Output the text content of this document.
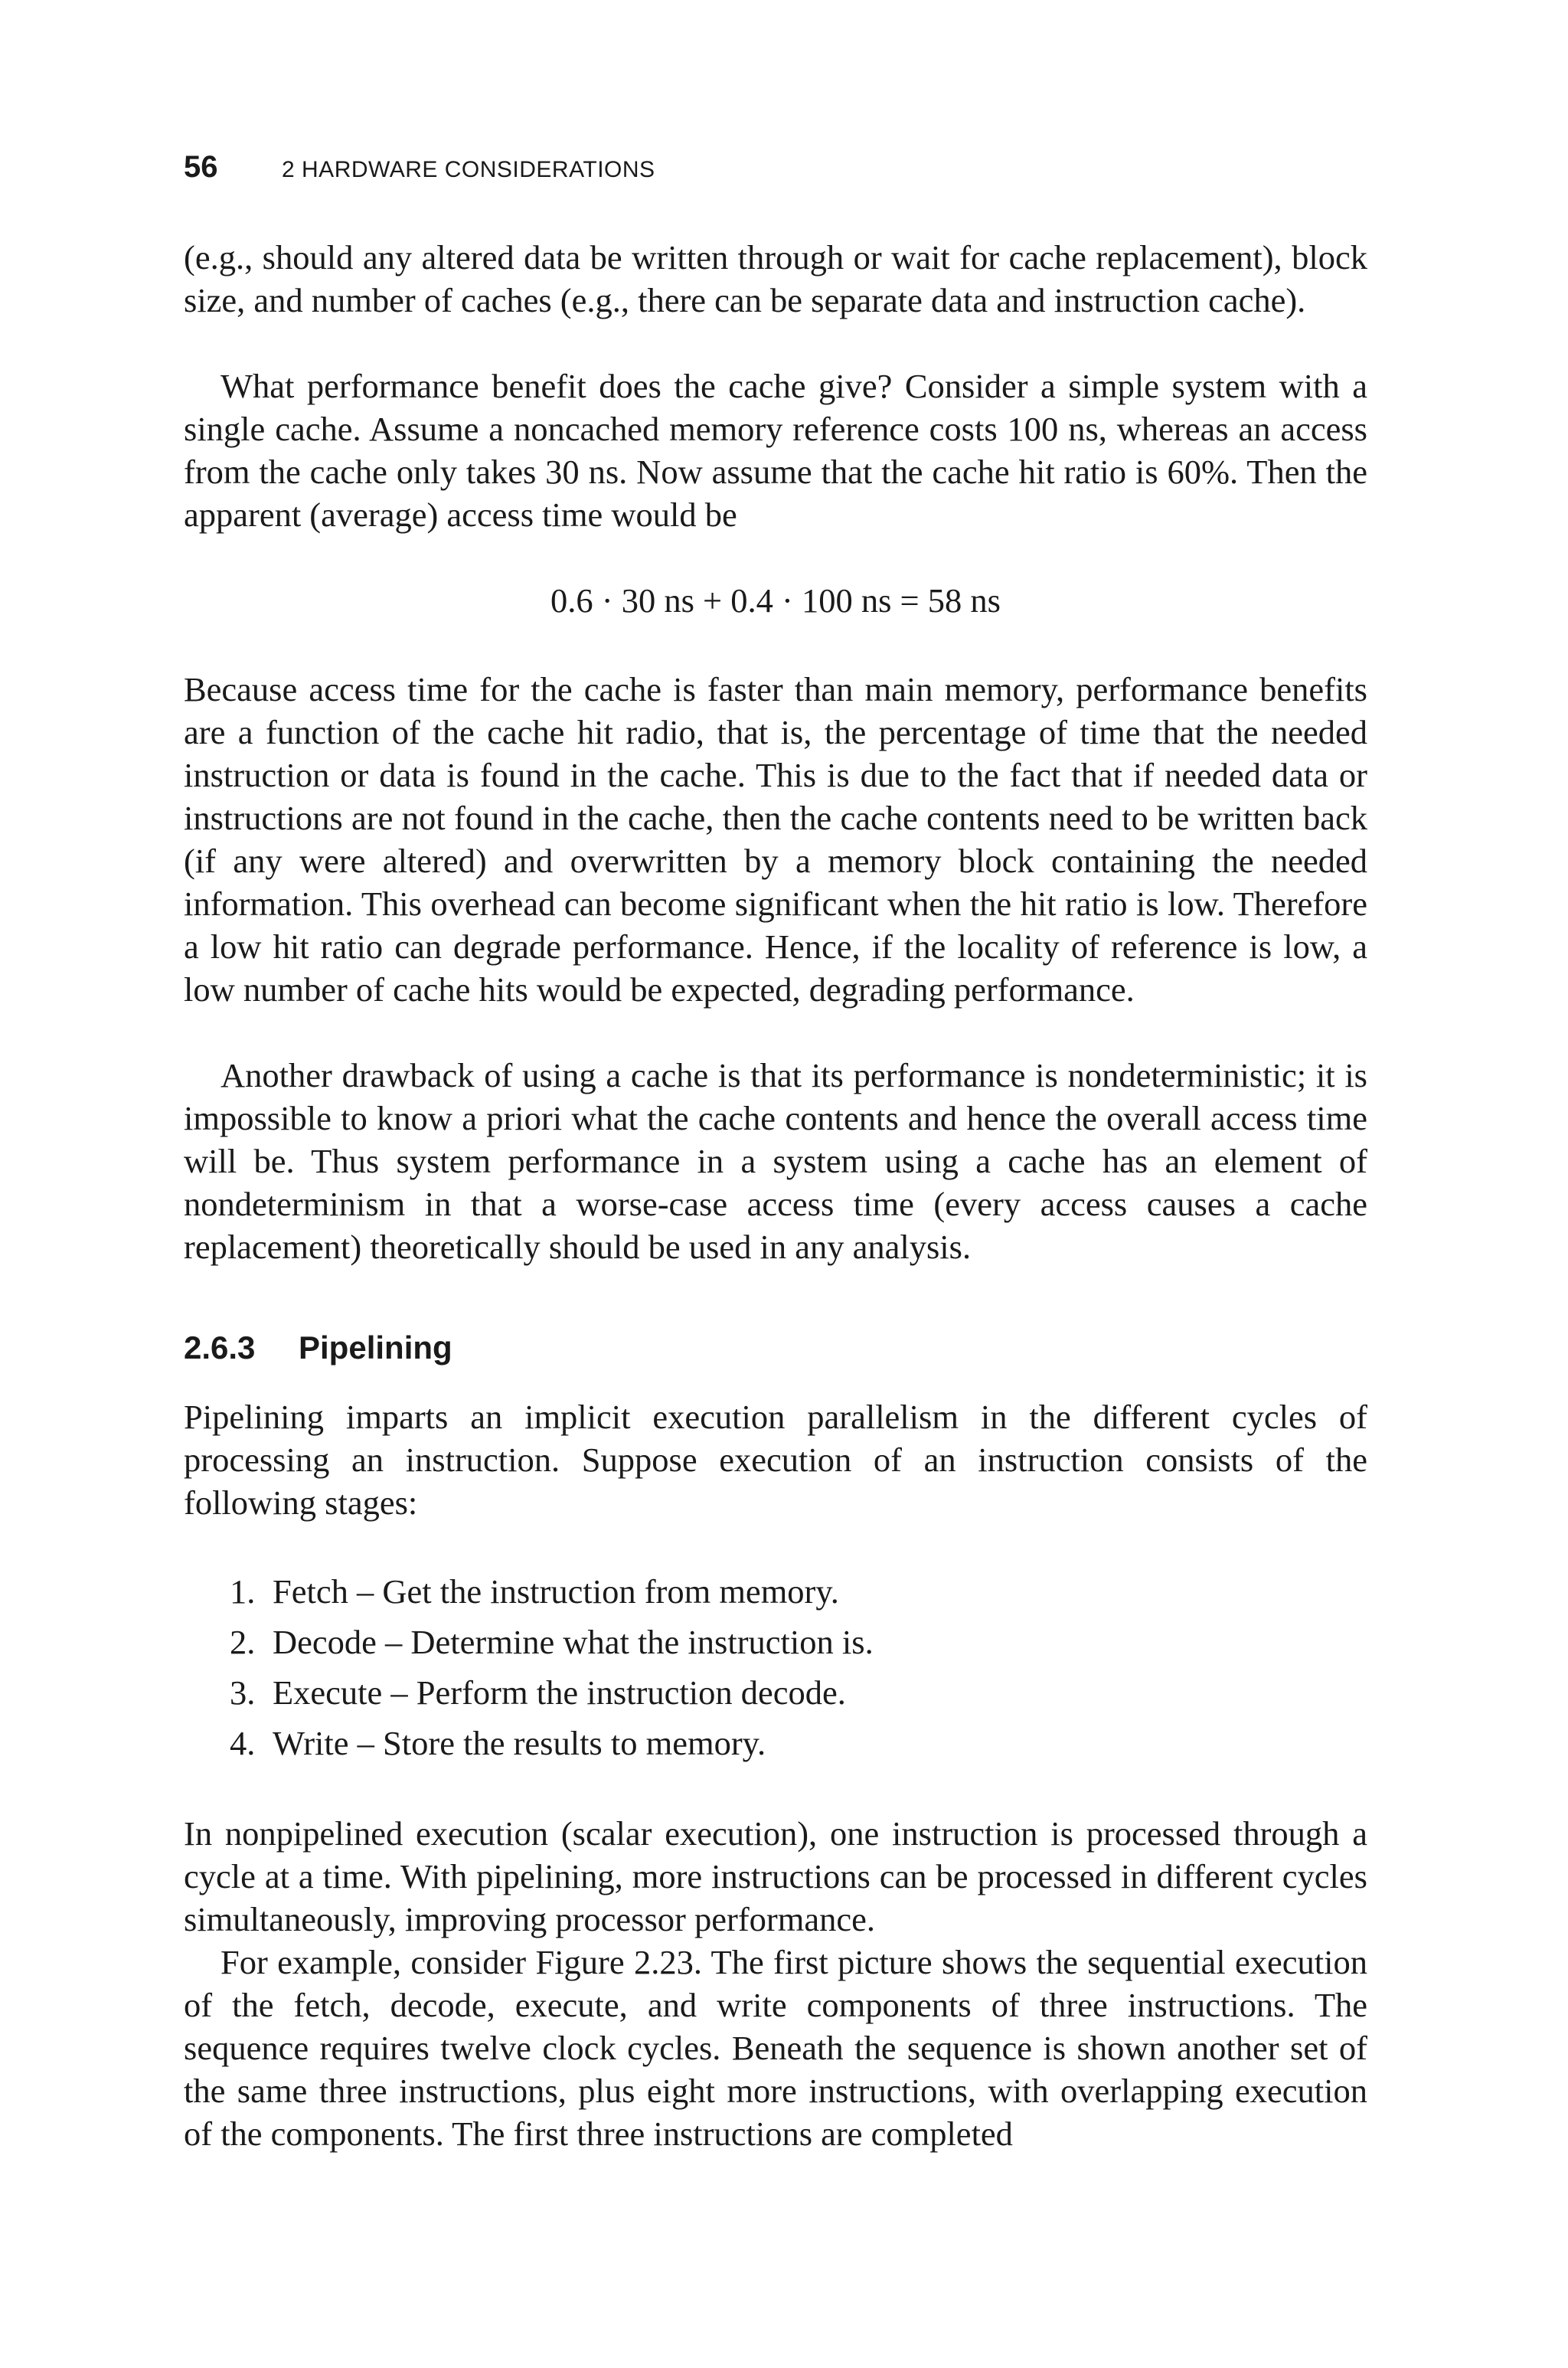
56	2 HARDWARE CONSIDERATIONS

(e.g., should any altered data be written through or wait for cache replacement), block size, and number of caches (e.g., there can be separate data and instruction cache).

What performance benefit does the cache give? Consider a simple system with a single cache. Assume a noncached memory reference costs 100 ns, whereas an access from the cache only takes 30 ns. Now assume that the cache hit ratio is 60%. Then the apparent (average) access time would be

0.6 · 30 ns + 0.4 · 100 ns = 58 ns

Because access time for the cache is faster than main memory, performance benefits are a function of the cache hit radio, that is, the percentage of time that the needed instruction or data is found in the cache. This is due to the fact that if needed data or instructions are not found in the cache, then the cache contents need to be written back (if any were altered) and overwritten by a memory block containing the needed information. This overhead can become significant when the hit ratio is low. Therefore a low hit ratio can degrade performance. Hence, if the locality of reference is low, a low number of cache hits would be expected, degrading performance.

Another drawback of using a cache is that its performance is nondeterministic; it is impossible to know a priori what the cache contents and hence the overall access time will be. Thus system performance in a system using a cache has an element of nondeterminism in that a worse-case access time (every access causes a cache replacement) theoretically should be used in any analysis.

2.6.3 Pipelining

Pipelining imparts an implicit execution parallelism in the different cycles of processing an instruction. Suppose execution of an instruction consists of the following stages:

1. Fetch – Get the instruction from memory.
2. Decode – Determine what the instruction is.
3. Execute – Perform the instruction decode.
4. Write – Store the results to memory.

In nonpipelined execution (scalar execution), one instruction is processed through a cycle at a time. With pipelining, more instructions can be processed in different cycles simultaneously, improving processor performance.

For example, consider Figure 2.23. The first picture shows the sequential execution of the fetch, decode, execute, and write components of three instructions. The sequence requires twelve clock cycles. Beneath the sequence is shown another set of the same three instructions, plus eight more instructions, with overlapping execution of the components. The first three instructions are completed
